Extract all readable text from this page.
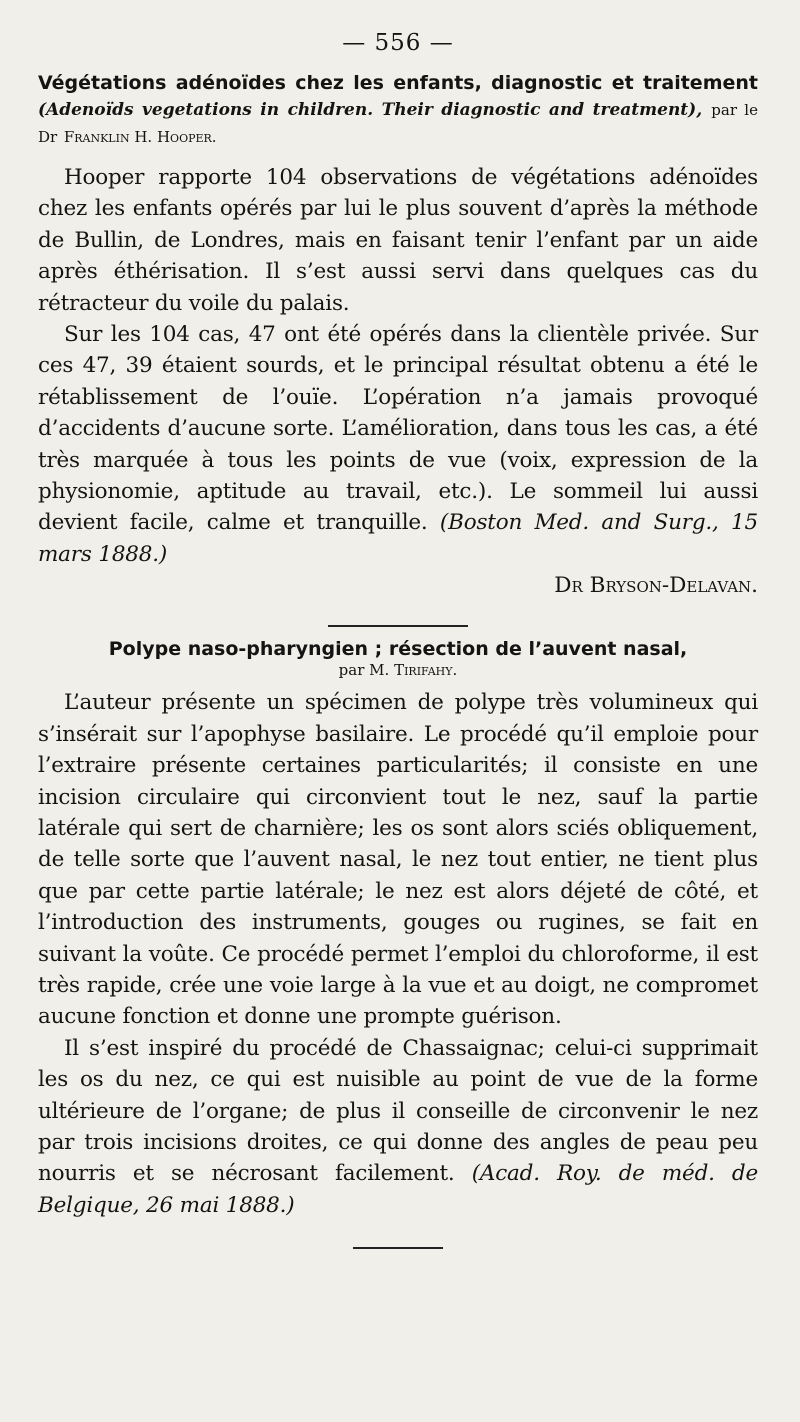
— 556 —
Végétations adénoïdes chez les enfants, diagnostic et traitement (Adenoïds vegetations in children. Their diagnostic and treatment), par le Dr Franklin H. Hooper.

Hooper rapporte 104 observations de végétations adénoïdes chez les enfants opérés par lui le plus souvent d’après la méthode de Bullin, de Londres, mais en faisant tenir l’enfant par un aide après éthérisation. Il s’est aussi servi dans quelques cas du rétracteur du voile du palais.

Sur les 104 cas, 47 ont été opérés dans la clientèle privée. Sur ces 47, 39 étaient sourds, et le principal résultat obtenu a été le rétablissement de l’ouïe. L’opération n’a jamais provoqué d’accidents d’aucune sorte. L’amélioration, dans tous les cas, a été très marquée à tous les points de vue (voix, expression de la physionomie, aptitude au travail, etc.). Le sommeil lui aussi devient facile, calme et tranquille. (Boston Med. and Surg., 15 mars 1888.)

Dr Bryson-Delavan.
Polype naso-pharyngien ; résection de l’auvent nasal,
par M. Tirifahy.

L’auteur présente un spécimen de polype très volumineux qui s’insérait sur l’apophyse basilaire. Le procédé qu’il emploie pour l’extraire présente certaines particularités; il consiste en une incision circulaire qui circonvient tout le nez, sauf la partie latérale qui sert de charnière; les os sont alors sciés obliquement, de telle sorte que l’auvent nasal, le nez tout entier, ne tient plus que par cette partie latérale; le nez est alors déjeté de côté, et l’introduction des instruments, gouges ou rugines, se fait en suivant la voûte. Ce procédé permet l’emploi du chloroforme, il est très rapide, crée une voie large à la vue et au doigt, ne compromet aucune fonction et donne une prompte guérison.

Il s’est inspiré du procédé de Chassaignac; celui-ci supprimait les os du nez, ce qui est nuisible au point de vue de la forme ultérieure de l’organe; de plus il conseille de circonvenir le nez par trois incisions droites, ce qui donne des angles de peau peu nourris et se nécrosant facilement. (Acad. Roy. de méd. de Belgique, 26 mai 1888.)
